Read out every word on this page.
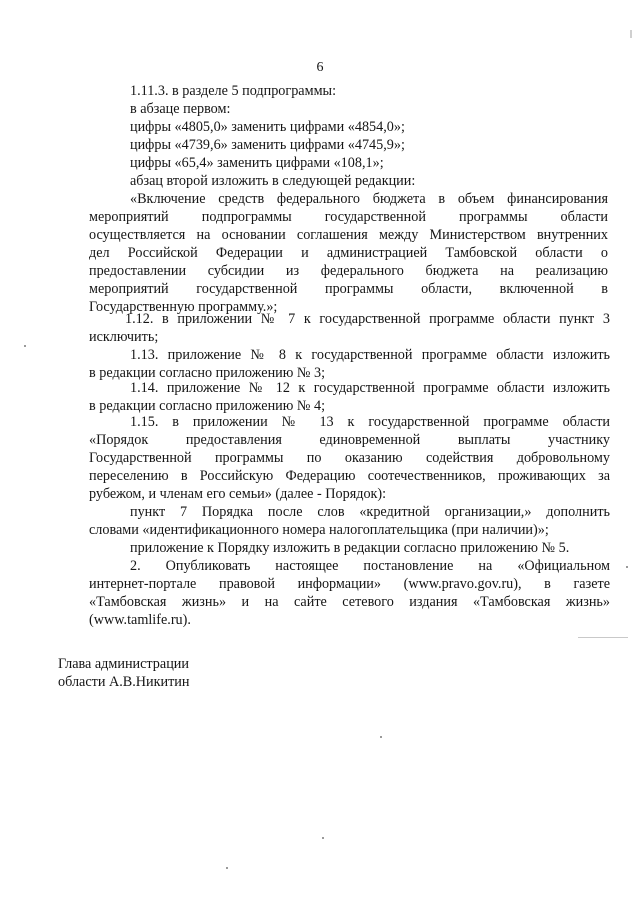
6
1.11.3. в разделе 5 подпрограммы:
в абзаце первом:
цифры «4805,0» заменить цифрами «4854,0»;
цифры «4739,6» заменить цифрами «4745,9»;
цифры «65,4» заменить цифрами «108,1»;
абзац второй изложить в следующей редакции:
«Включение средств федерального бюджета в объем финансирования
мероприятий подпрограммы государственной программы области
осуществляется на основании соглашения между Министерством внутренних
дел Российской Федерации и администрацией Тамбовской области о
предоставлении субсидии из федерального бюджета на реализацию
мероприятий государственной программы области, включенной в
Государственную программу.»;
1.12. в приложении № 7 к государственной программе области пункт 3
исключить;
1.13. приложение № 8 к государственной программе области изложить
в редакции согласно приложению № 3;
1.14. приложение № 12 к государственной программе области изложить
в редакции согласно приложению № 4;
1.15. в приложении № 13 к государственной программе области
«Порядок предоставления единовременной выплаты участнику
Государственной программы по оказанию содействия добровольному
переселению в Российскую Федерацию соотечественников, проживающих за
рубежом, и членам его семьи» (далее - Порядок):
пункт 7 Порядка после слов «кредитной организации,» дополнить
словами «идентификационного номера налогоплательщика (при наличии)»;
приложение к Порядку изложить в редакции согласно приложению № 5.
2. Опубликовать настоящее постановление на «Официальном
интернет-портале правовой информации» (www.pravo.gov.ru), в газете
«Тамбовская жизнь» и на сайте сетевого издания «Тамбовская жизнь»
(www.tamlife.ru).
Глава администрации
области А.В.Никитин
